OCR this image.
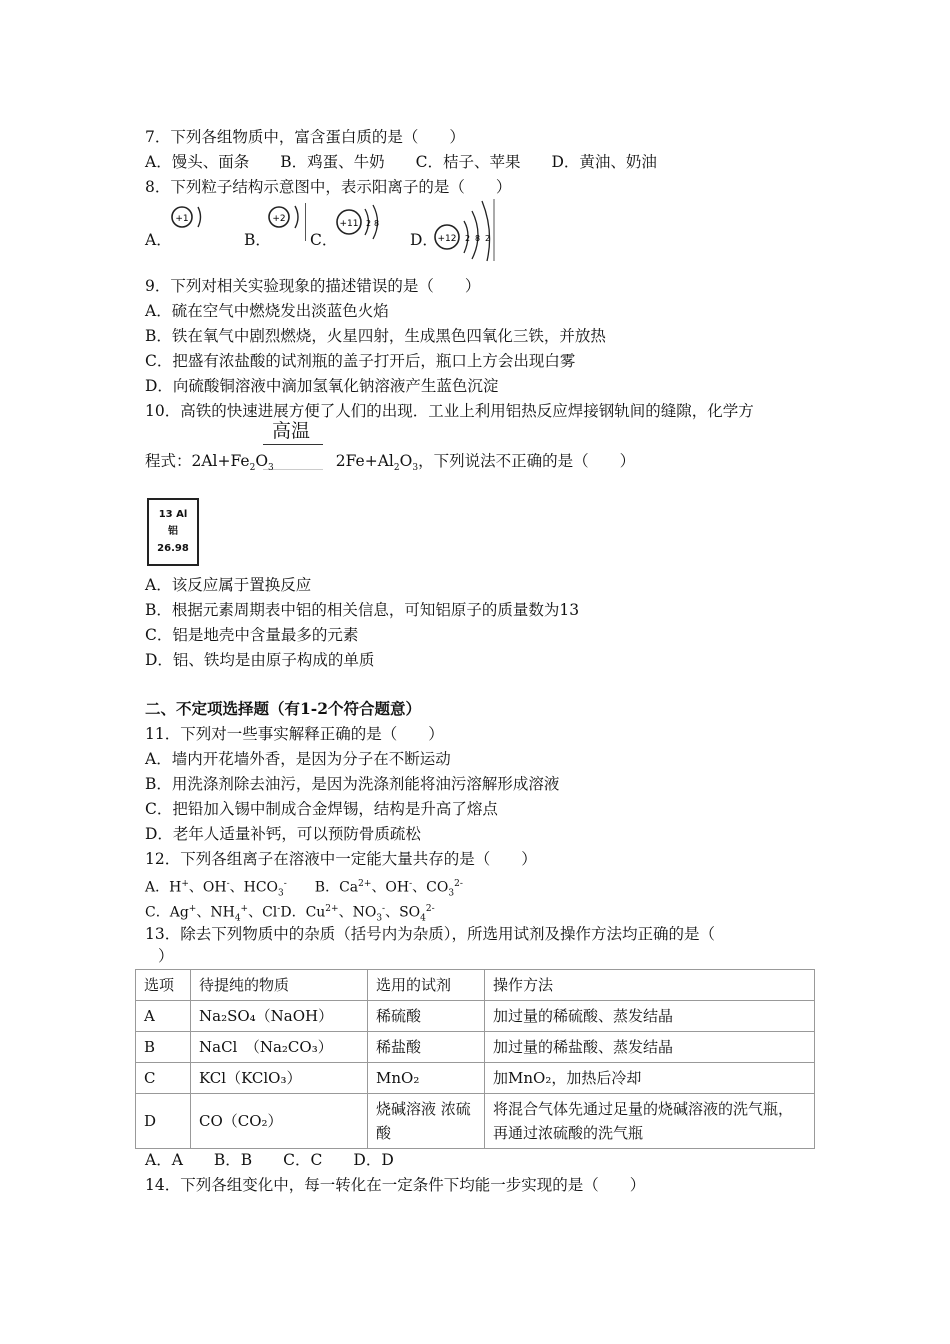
7．下列各组物质中，富含蛋白质的是（　　）
A．馒头、面条　　B．鸡蛋、牛奶　　C．桔子、苹果　　D．黄油、奶油
8．下列粒子结构示意图中，表示阳离子的是（　　）
A．
+1
B．
+2
C．
+11 2 8
D． +12 2 8 2
9．下列对相关实验现象的描述错误的是（　　）
A．硫在空气中燃烧发出淡蓝色火焰
B．铁在氧气中剧烈燃烧，火星四射，生成黑色四氧化三铁，并放热
C．把盛有浓盐酸的试剂瓶的盖子打开后，瓶口上方会出现白雾
D．向硫酸铜溶液中滴加氢氧化钠溶液产生蓝色沉淀
10．高铁的快速进展方便了人们的出现．工业上利用铝热反应焊接钢轨间的缝隙，化学方
高温
程式：$2Al+Fe_2O_3$	$2Fe+Al_2O_3$，下列说法不正确的是（　　）
13 Al
铝
26.98
A．该反应属于置换反应
B．根据元素周期表中铝的相关信息，可知铝原子的质量数为13
C．铝是地壳中含量最多的元素
D．铝、铁均是由原子构成的单质
二、不定项选择题（有1-2个符合题意）
11．下列对一些事实解释正确的是（　　）
A．墙内开花墙外香，是因为分子在不断运动
B．用洗涤剂除去油污，是因为洗涤剂能将油污溶解形成溶液
C．把铅加入锡中制成合金焊锡，结构是升高了熔点
D．老年人适量补钙，可以预防骨质疏松
12．下列各组离子在溶液中一定能大量共存的是（　　）
A．H+、OH-、$HCO_3^-$　　B．$Ca^{2+}$、OH-、$CO_3^{2-}$
C．Ag+、$NH_4^+$、Cl-D．$Cu^{2+}$、$NO_3^-$、$SO_4^{2-}$
13．除去下列物质中的杂质（括号内为杂质），所选用试剂及操作方法均正确的是（
）
选项	待提纯的物质	选用的试剂	操作方法
A	Na₂SO₄（NaOH）	稀硫酸	加过量的稀硫酸、蒸发结晶
B	NaCl　（Na₂CO₃）	稀盐酸	加过量的稀盐酸、蒸发结晶
C	KCl（KClO₃）	MnO₂	加MnO₂，加热后冷却
D	CO（CO₂）	烧碱溶液 浓硫酸	将混合气体先通过足量的烧碱溶液的洗气瓶，再通过浓硫酸的洗气瓶
A．A　　B．B　　C．C　　D．D
14．下列各组变化中，每一转化在一定条件下均能一步实现的是（　　）
